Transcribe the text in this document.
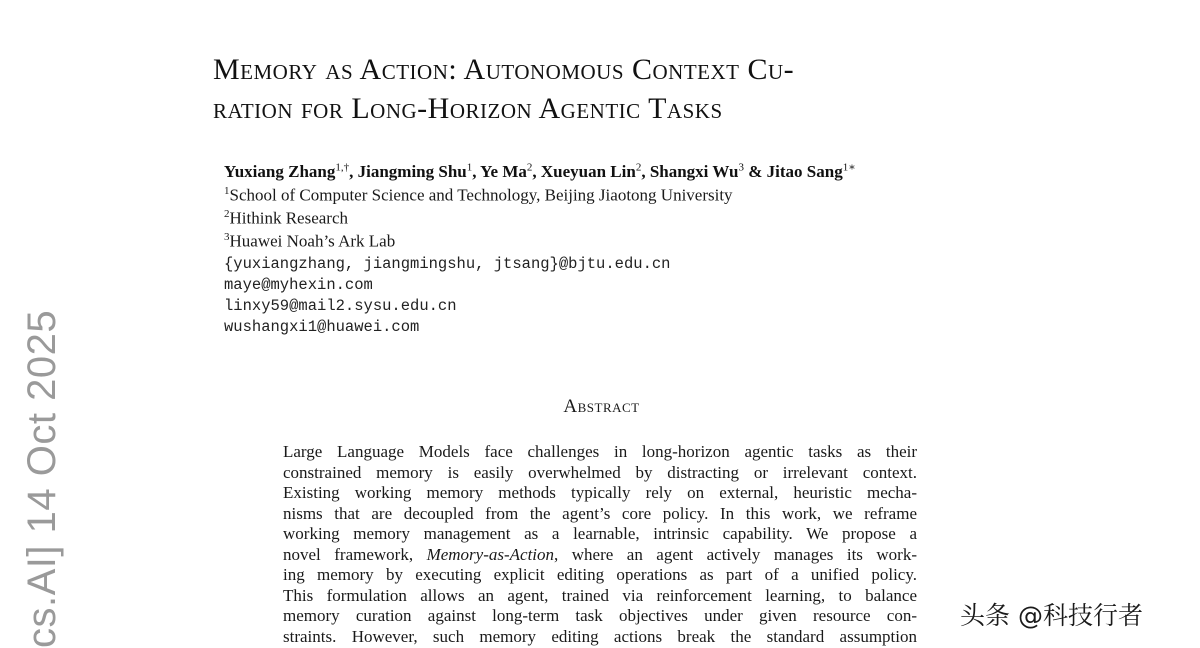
Memory as Action: Autonomous Context Cu-
ration for Long-Horizon Agentic Tasks
Yuxiang Zhang$^{1,\dagger}$, Jiangming Shu$^1$, Ye Ma$^2$, Xueyuan Lin$^2$, Shangxi Wu$^3$ & Jitao Sang$^{1∗}$
$^1$School of Computer Science and Technology, Beijing Jiaotong University
$^2$Hithink Research
$^3$Huawei Noah’s Ark Lab
{yuxiangzhang, jiangmingshu, jtsang}@bjtu.edu.cn
maye@myhexin.com
linxy59@mail2.sysu.edu.cn
wushangxi1@huawei.com
Abstract
Large Language Models face challenges in long-horizon agentic tasks as their
constrained memory is easily overwhelmed by distracting or irrelevant context.
Existing working memory methods typically rely on external, heuristic mecha-
nisms that are decoupled from the agent’s core policy. In this work, we reframe
working memory management as a learnable, intrinsic capability. We propose a
novel framework, Memory-as-Action, where an agent actively manages its work-
ing memory by executing explicit editing operations as part of a unified policy.
This formulation allows an agent, trained via reinforcement learning, to balance
memory curation against long-term task objectives under given resource con-
straints. However, such memory editing actions break the standard assumption
cs.AI] 14 Oct 2025	头条 @科技行者
